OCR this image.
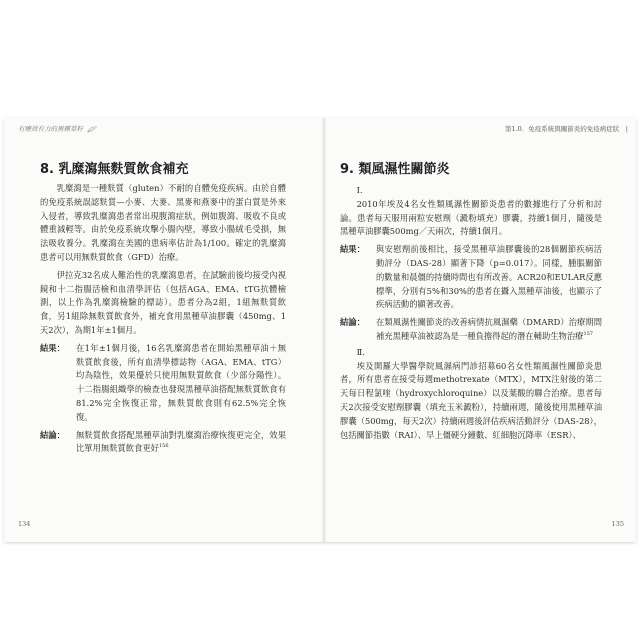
有療效有力的黑種草籽
8. 乳糜瀉無麩質飲食補充

乳糜瀉是一種麩質（gluten）不耐的自體免疫疾病。由於自體的免疫系統誤認麩質—小麥、大麥、黑麥和燕麥中的蛋白質是外來入侵者，導致乳糜瀉患者常出現腹瀉症狀，例如腹瀉、吸收不良或體重減輕等。由於免疫系統攻擊小腸內壁，導致小腸絨毛受損，無法吸收養分。乳糜瀉在美國的患病率估計為1/100。確定的乳糜瀉患者可以用無麩質飲食（GFD）治療。

伊拉克32名成人難治性的乳糜瀉患者，在試驗前後均接受內視鏡和十二指腸活檢和血清學評估（包括AGA、EMA、tTG抗體檢測，以上作為乳糜瀉檢驗的標誌）。患者分為2組，1組無麩質飲食，另1組除無麩質飲食外，補充食用黑種草油膠囊（450mg、1天2次），為期1年±1個月。

結果：	在1年±1個月後，16名乳糜瀉患者在開始黑種草油＋無麩質飲食後，所有血清學標誌物（AGA、EMA、tTG）均為陰性，效果優於只使用無麩質飲食（少部分陽性）。十二指腸組織學的檢查也發現黑種草油搭配無麩質飲食有81.2%完全恢復正常，無麩質飲食則有62.5%完全恢復。
結論：	無麩質飲食搭配黑種草油對乳糜瀉治療恢復更完全，效果比單用無麩質飲食更好$^{156}$
134
第1.0．免疫系統與關節炎的免疫病症狀　|
9. 類風濕性關節炎
Ⅰ.

2010年埃及4名女性類風濕性關節炎患者的數據進行了分析和討論。患者每天服用兩粒安慰劑（澱粉填充）膠囊，持續1個月，隨後是黑種草油膠囊500mg／天兩次，持續1個月。

結果：	與安慰劑前後相比，接受黑種草油膠囊後的28個關節疾病活動評分（DAS-28）顯著下降（p=0.017）。同樣，腫脹關節的數量和晨僵的持續時間也有所改善。ACR20和EULAR反應標準，分別有5%和30%的患者在攝入黑種草油後，也顯示了疾病活動的顯著改善。
結論：	在類風濕性關節炎的改善病情抗風濕藥（DMARD）治療期間補充黑種草油被認為是一種負擔得起的潛在輔助生物治療$^{157}$
Ⅱ.

埃及開羅大學醫學院風濕病門診招募60名女性類風濕性關節炎患者，所有患者在接受每週methotrexate（MTX），MTX注射後的第二天每日程氯喹（hydroxychloroquine）以及葉酸的聯合治療。患者每天2次接受安慰劑膠囊（填充玉米澱粉），持續兩週，隨後使用黑種草油膠囊（500mg，每天2次）持續兩週後評估疾病活動評分（DAS-28），包括關節指數（RAI）、早上僵硬分鐘數、紅細胞沉降率（ESR）、

135
